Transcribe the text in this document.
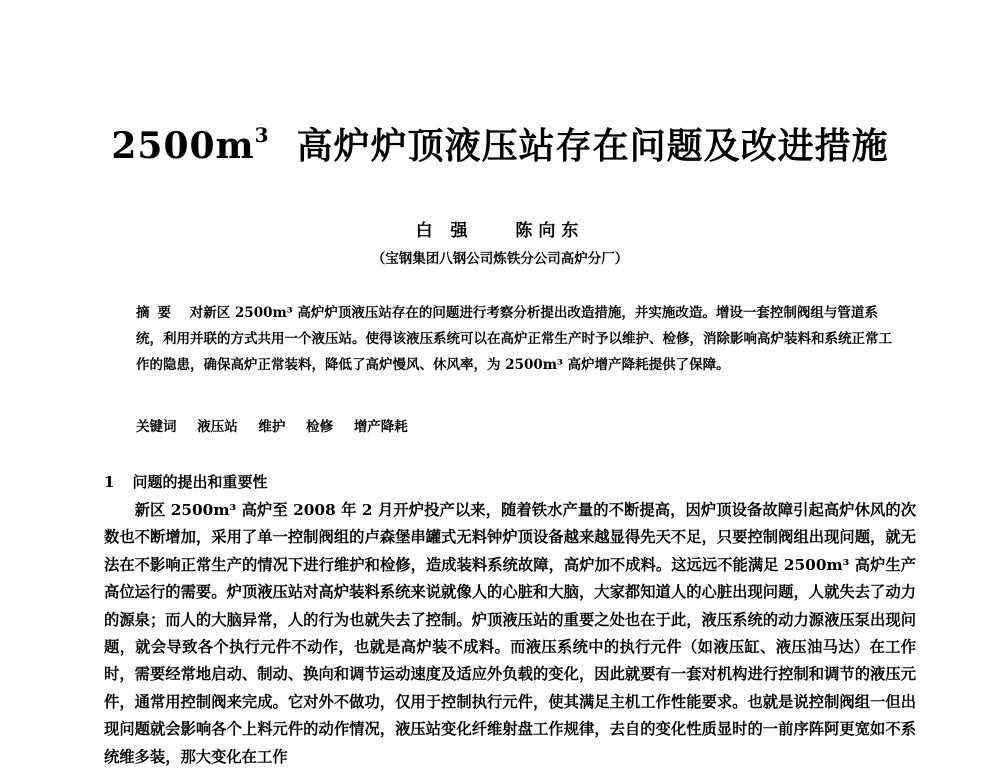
$2500m^3$ 高炉炉顶液压站存在问题及改进措施
白 强 陈向东
（宝钢集团八钢公司炼铁分公司高炉分厂）
摘要 对新区 2500m³ 高炉炉顶液压站存在的问题进行考察分析提出改造措施，并实施改造。增设一套控制阀组与管道系统，利用并联的方式共用一个液压站。使得该液压系统可以在高炉正常生产时予以维护、检修，消除影响高炉装料和系统正常工作的隐患，确保高炉正常装料，降低了高炉慢风、休风率，为 2500m³ 高炉增产降耗提供了保障。
关键词 液压站 维护 检修 增产降耗
1 问题的提出和重要性
新区 2500m³ 高炉至 2008 年 2 月开炉投产以来，随着铁水产量的不断提高，因炉顶设备故障引起高炉休风的次数也不断增加，采用了单一控制阀组的卢森堡串罐式无料钟炉顶设备越来越显得先天不足，只要控制阀组出现问题，就无法在不影响正常生产的情况下进行维护和检修，造成装料系统故障，高炉加不成料。这远远不能满足 2500m³ 高炉生产高位运行的需要。炉顶液压站对高炉装料系统来说就像人的心脏和大脑，大家都知道人的心脏出现问题，人就失去了动力的源泉；而人的大脑异常，人的行为也就失去了控制。炉顶液压站的重要之处也在于此，液压系统的动力源液压泵出现问题，就会导致各个执行元件不动作，也就是高炉装不成料。而液压系统中的执行元件（如液压缸、液压油马达）在工作时，需要经常地启动、制动、换向和调节运动速度及适应外负载的变化，因此就要有一套对机构进行控制和调节的液压元件，通常用控制阀来完成。它对外不做功，仅用于控制执行元件，使其满足主机工作性能要求。也就是说控制阀组一但出现问题就会影响各个上料元件的动作情况，液压站变化纤维射盘工作规律，去自的变化性质显时的一前序阵阿更宽如不系统维多装，那大变化在工作
